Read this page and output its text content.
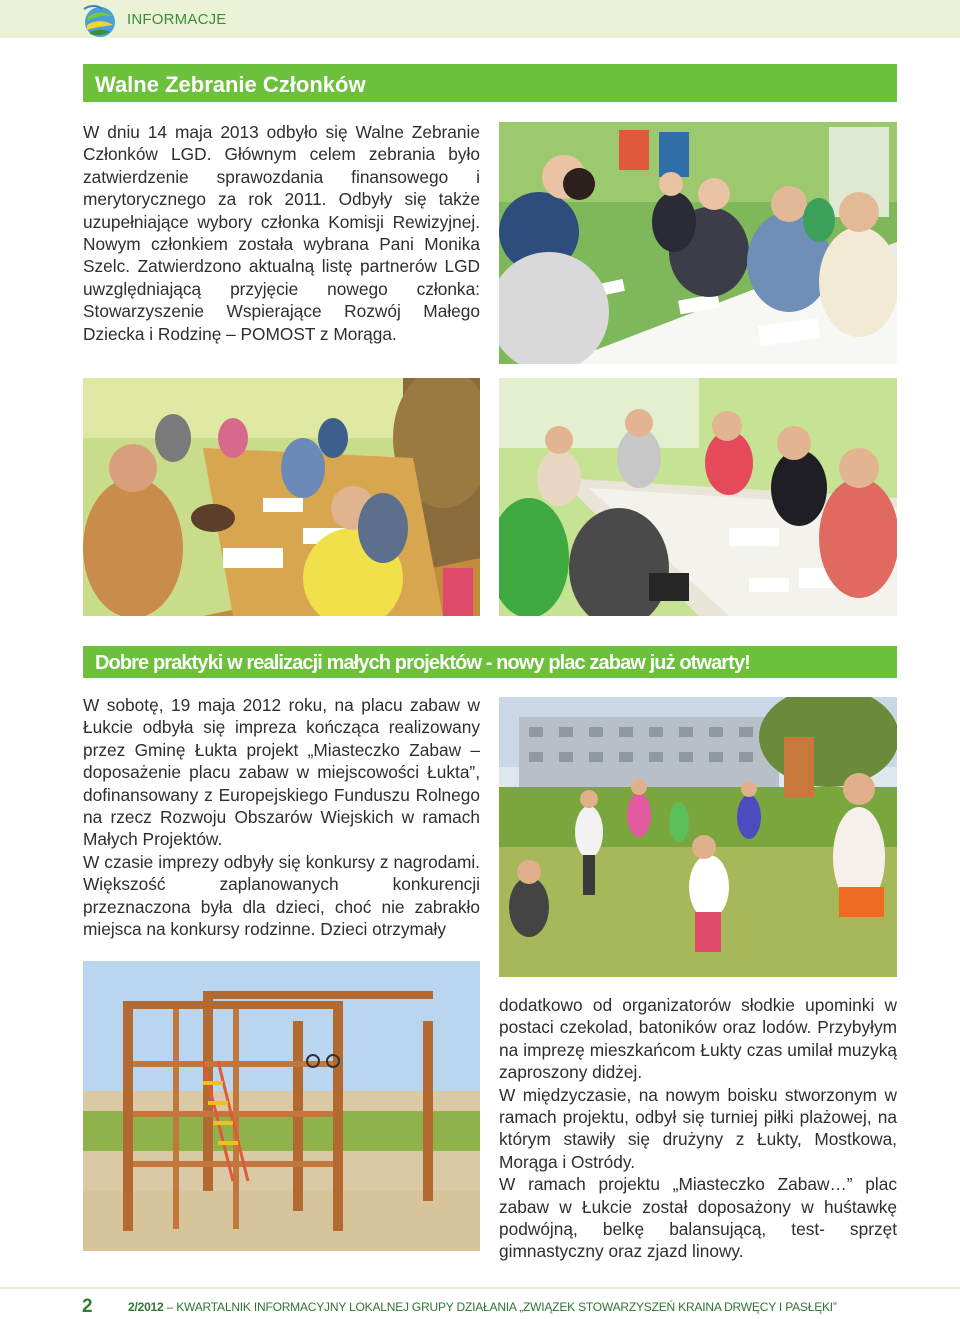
INFORMACJE
Walne Zebranie Członków

W dniu 14 maja 2013 odbyło się Walne Zebranie Członków LGD. Głównym celem zebrania było zatwierdzenie sprawozdania finansowego i merytorycznego za rok 2011. Odbyły się także uzupełniające wybory członka Komisji Rewizyjnej. Nowym członkiem została wybrana Pani Monika Szelc. Zatwierdzono aktualną listę partnerów LGD uwzględniającą przyjęcie nowego członka: Stowarzyszenie Wspierające Rozwój Małego Dziecka i Rodzinę – POMOST z Morąga.

Dobre praktyki w realizacji małych projektów - nowy plac zabaw już otwarty!

W sobotę, 19 maja 2012 roku, na placu zabaw w Łukcie odbyła się impreza kończąca realizowany przez Gminę Łukta projekt „Miasteczko Zabaw – doposażenie placu zabaw w miejscowości Łukta”, dofinansowany z Europejskiego Funduszu Rolnego na rzecz Rozwoju Obszarów Wiejskich w ramach Małych Projektów.

W czasie imprezy odbyły się konkursy z nagrodami. Większość zaplanowanych konkurencji przeznaczona była dla dzieci, choć nie zabrakło miejsca na konkursy rodzinne. Dzieci otrzymały

dodatkowo od organizatorów słodkie upominki w postaci czekolad, batoników oraz lodów. Przybyłym na imprezę mieszkańcom Łukty czas umilał muzyką zaproszony didżej.

W międzyczasie, na nowym boisku stworzonym w ramach projektu, odbył się turniej piłki plażowej, na którym stawiły się drużyny z Łukty, Mostkowa, Morąga i Ostródy.

W ramach projektu „Miasteczko Zabaw…” plac zabaw w Łukcie został doposażony w huśtawkę podwójną, belkę balansującą, test- sprzęt gimnastyczny oraz zjazd linowy.

2	2/2012 – KWARTALNIK INFORMACYJNY LOKALNEJ GRUPY DZIAŁANIA „ZWIĄZEK STOWARZYSZEŃ KRAINA DRWĘCY I PASŁĘKI”
